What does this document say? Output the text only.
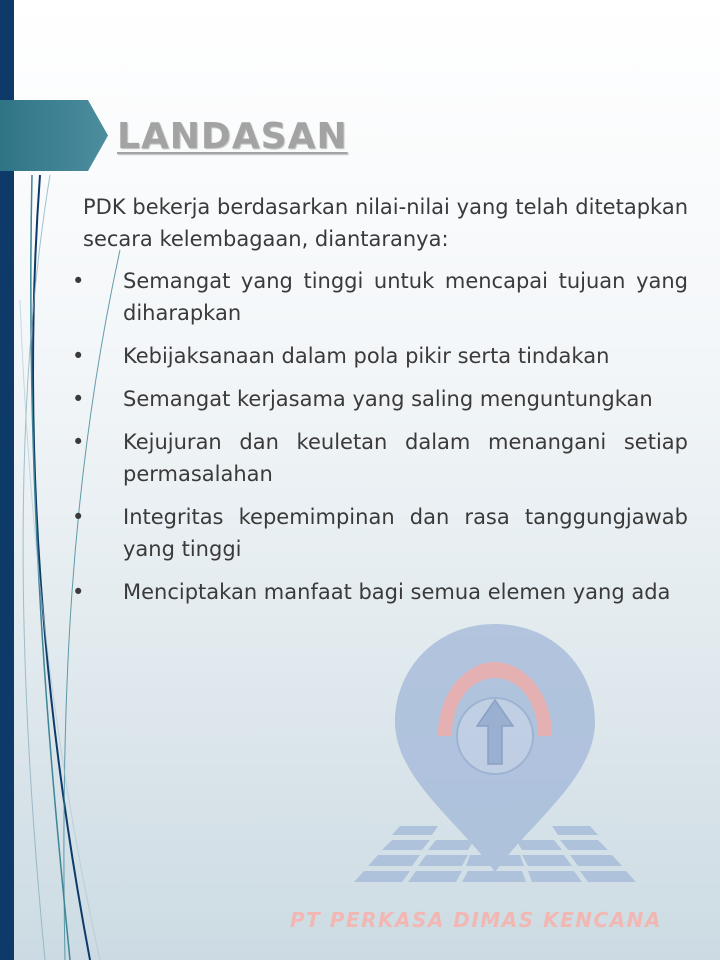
LANDASAN

PDK bekerja berdasarkan nilai-nilai yang telah ditetapkan secara kelembagaan, diantaranya:

•	Semangat yang tinggi untuk mencapai tujuan yang diharapkan
•	Kebijaksanaan dalam pola pikir serta tindakan
•	Semangat kerjasama yang saling menguntungkan
•	Kejujuran dan keuletan dalam menangani setiap permasalahan
•	Integritas kepemimpinan dan rasa tanggungjawab yang tinggi
•	Menciptakan manfaat bagi semua elemen yang ada

PT PERKASA DIMAS KENCANA
